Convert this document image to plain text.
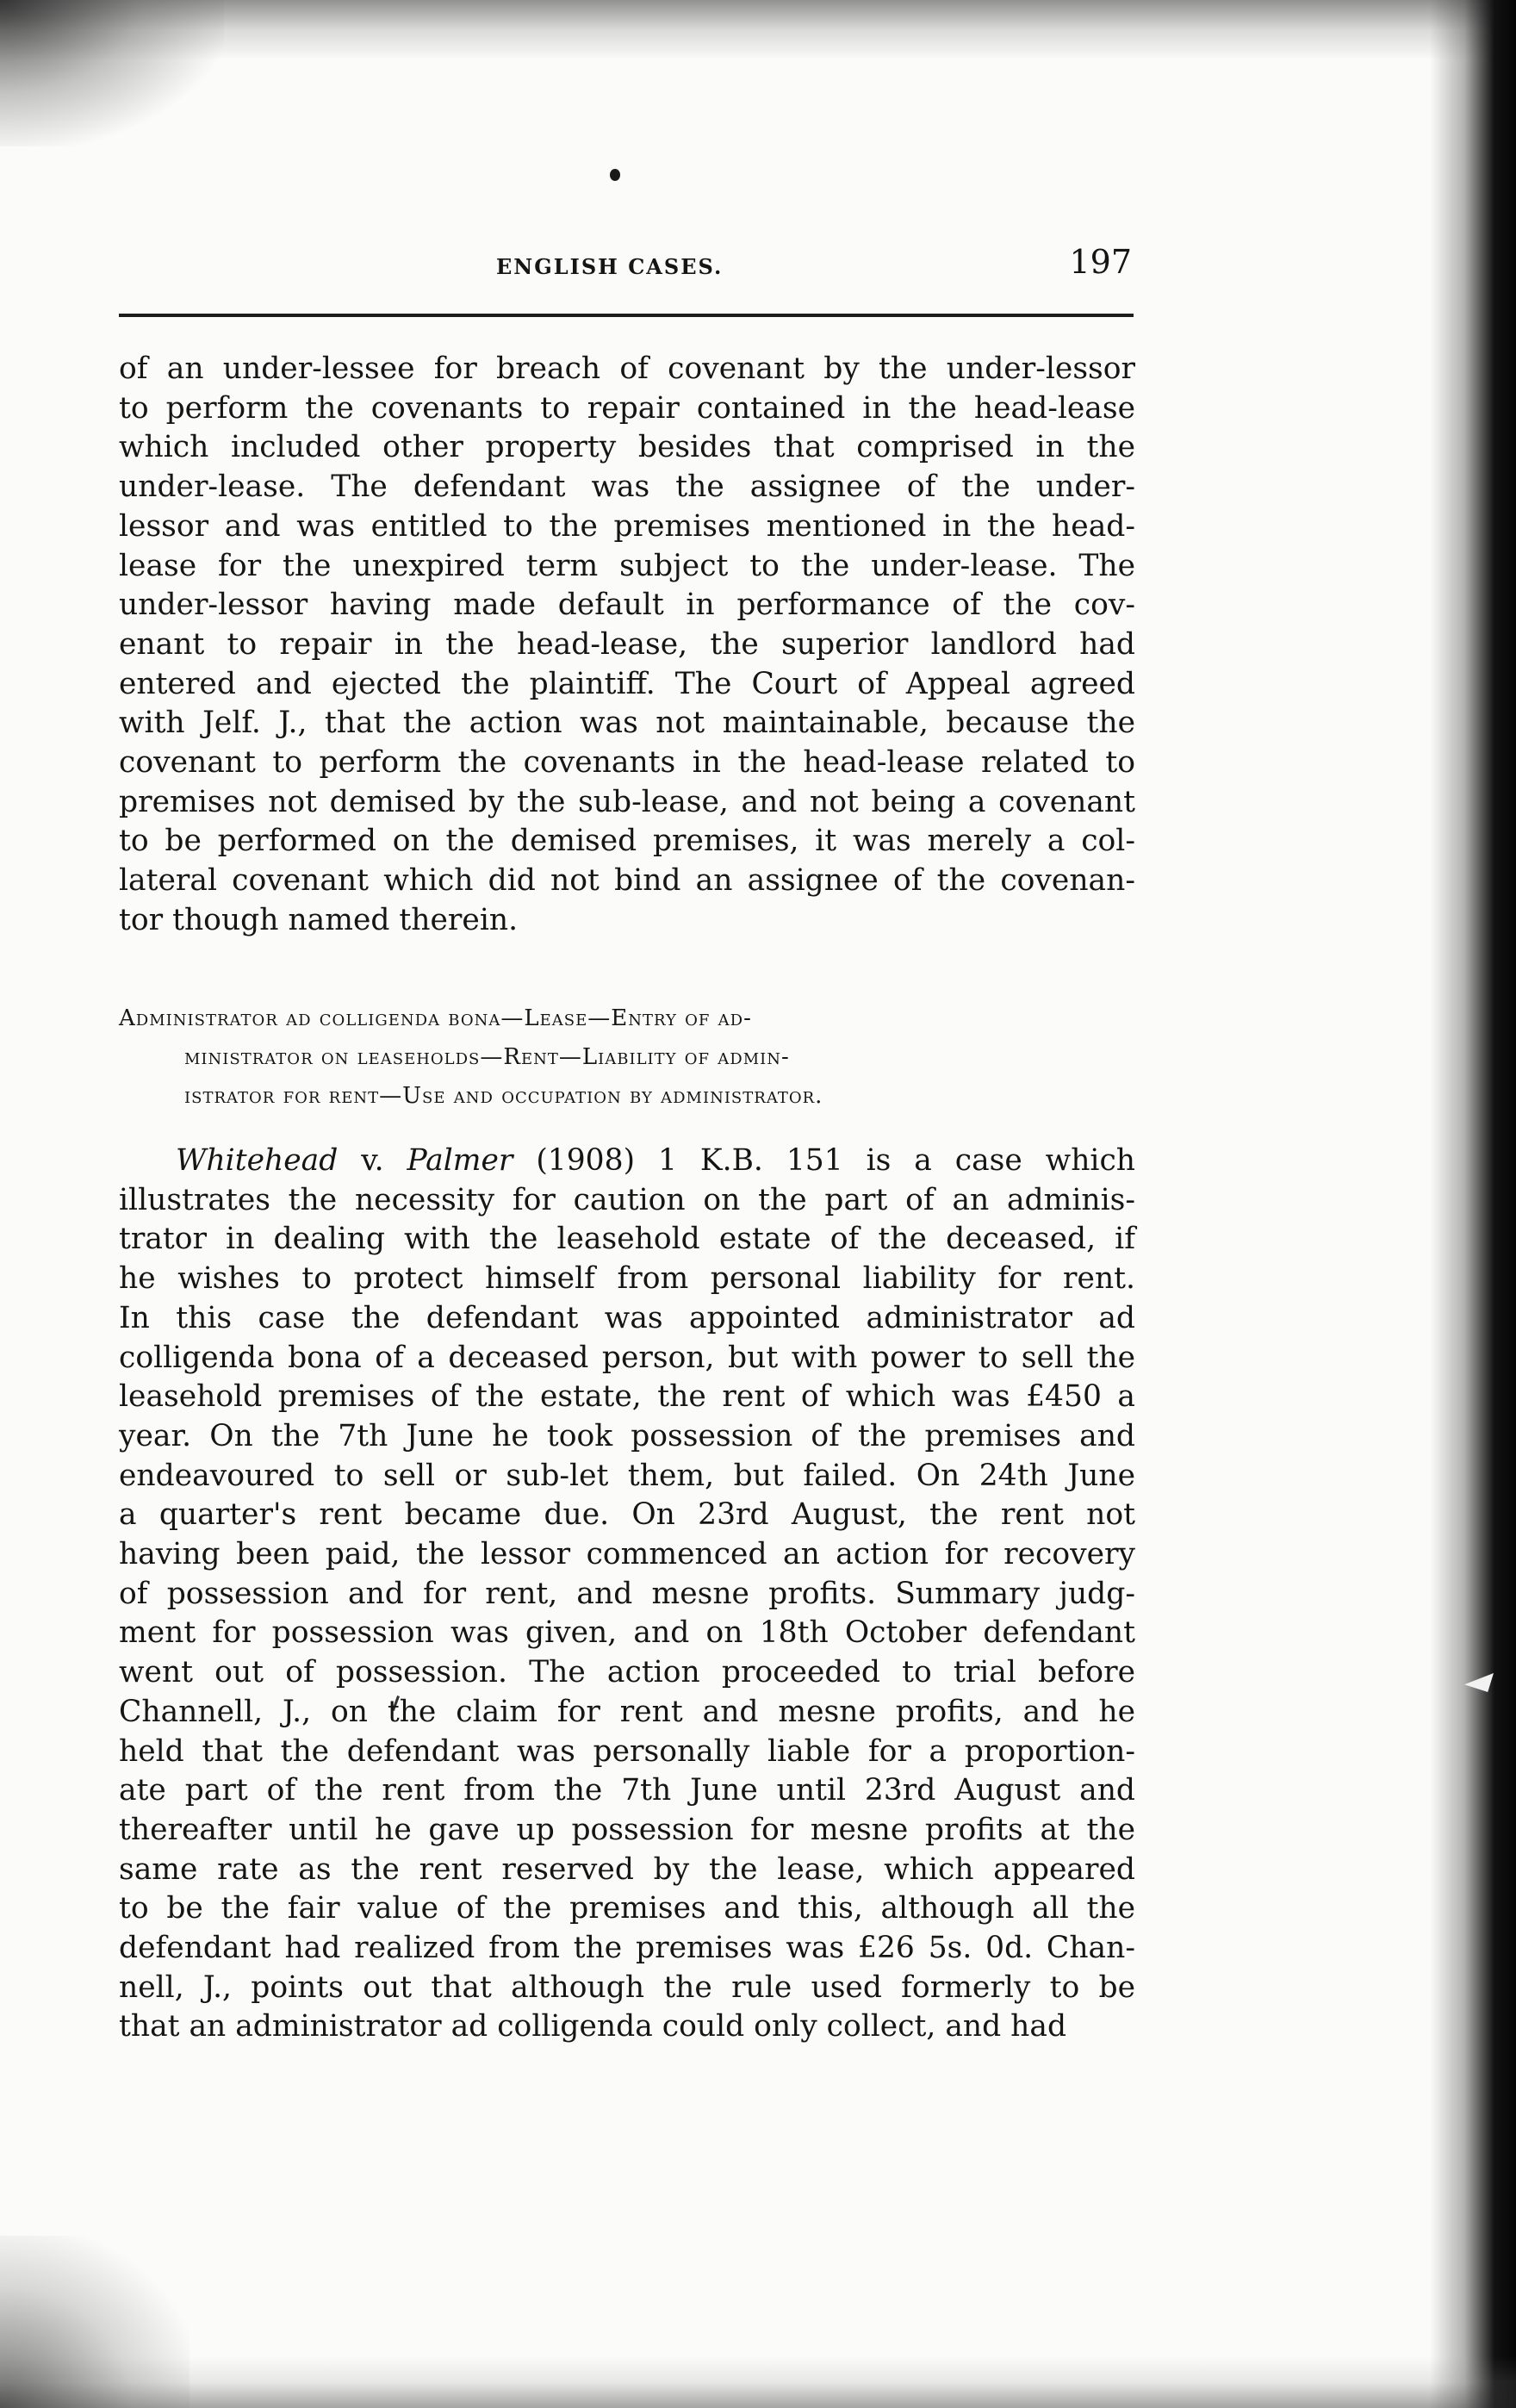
ENGLISH CASES.	197
of an under-lessee for breach of covenant by the under-lessor
to perform the covenants to repair contained in the head-lease
which included other property besides that comprised in the
under-lease. The defendant was the assignee of the under-
lessor and was entitled to the premises mentioned in the head-
lease for the unexpired term subject to the under-lease. The
under-lessor having made default in performance of the cov-
enant to repair in the head-lease, the superior landlord had
entered and ejected the plaintiff. The Court of Appeal agreed
with Jelf. J., that the action was not maintainable, because the
covenant to perform the covenants in the head-lease related to
premises not demised by the sub-lease, and not being a covenant
to be performed on the demised premises, it was merely a col-
lateral covenant which did not bind an assignee of the covenan-
tor though named therein.
Administrator ad colligenda bona—Lease—Entry of ad-
ministrator on leaseholds—Rent—Liability of admin-
istrator for rent—Use and occupation by administrator.
Whitehead v. Palmer (1908) 1 K.B. 151 is a case which
illustrates the necessity for caution on the part of an adminis-
trator in dealing with the leasehold estate of the deceased, if
he wishes to protect himself from personal liability for rent.
In this case the defendant was appointed administrator ad
colligenda bona of a deceased person, but with power to sell the
leasehold premises of the estate, the rent of which was £450 a
year. On the 7th June he took possession of the premises and
endeavoured to sell or sub-let them, but failed. On 24th June
a quarter's rent became due. On 23rd August, the rent not
having been paid, the lessor commenced an action for recovery
of possession and for rent, and mesne profits. Summary judg-
ment for possession was given, and on 18th October defendant
went out of possession. The action proceeded to trial before
Channell, J., on the claim for rent and mesne profits, and he
held that the defendant was personally liable for a proportion-
ate part of the rent from the 7th June until 23rd August and
thereafter until he gave up possession for mesne profits at the
same rate as the rent reserved by the lease, which appeared
to be the fair value of the premises and this, although all the
defendant had realized from the premises was £26 5s. 0d. Chan-
nell, J., points out that although the rule used formerly to be
that an administrator ad colligenda could only collect, and had
